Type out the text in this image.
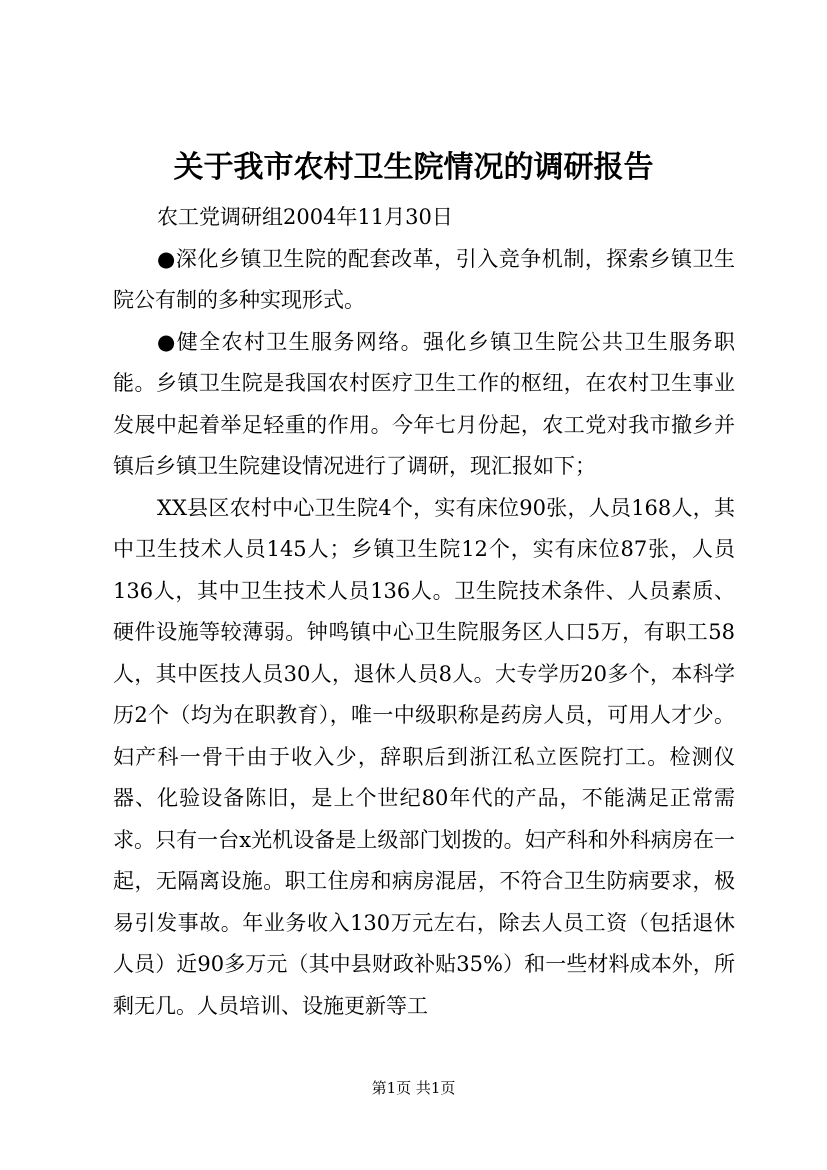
关于我市农村卫生院情况的调研报告

农工党调研组2004年11月30日

●深化乡镇卫生院的配套改革，引入竞争机制，探索乡镇卫生院公有制的多种实现形式。

●健全农村卫生服务网络。强化乡镇卫生院公共卫生服务职能。乡镇卫生院是我国农村医疗卫生工作的枢纽，在农村卫生事业发展中起着举足轻重的作用。今年七月份起，农工党对我市撤乡并镇后乡镇卫生院建设情况进行了调研，现汇报如下；

XX县区农村中心卫生院4个，实有床位90张，人员168人，其中卫生技术人员145人；乡镇卫生院12个，实有床位87张，人员136人，其中卫生技术人员136人。卫生院技术条件、人员素质、硬件设施等较薄弱。钟鸣镇中心卫生院服务区人口5万，有职工58人，其中医技人员30人，退休人员8人。大专学历20多个，本科学历2个（均为在职教育），唯一中级职称是药房人员，可用人才少。妇产科一骨干由于收入少，辞职后到浙江私立医院打工。检测仪器、化验设备陈旧，是上个世纪80年代的产品，不能满足正常需求。只有一台x光机设备是上级部门划拨的。妇产科和外科病房在一起，无隔离设施。职工住房和病房混居，不符合卫生防病要求，极易引发事故。年业务收入130万元左右，除去人员工资（包括退休人员）近90多万元（其中县财政补贴35%）和一些材料成本外，所剩无几。人员培训、设施更新等工

第1页 共1页
